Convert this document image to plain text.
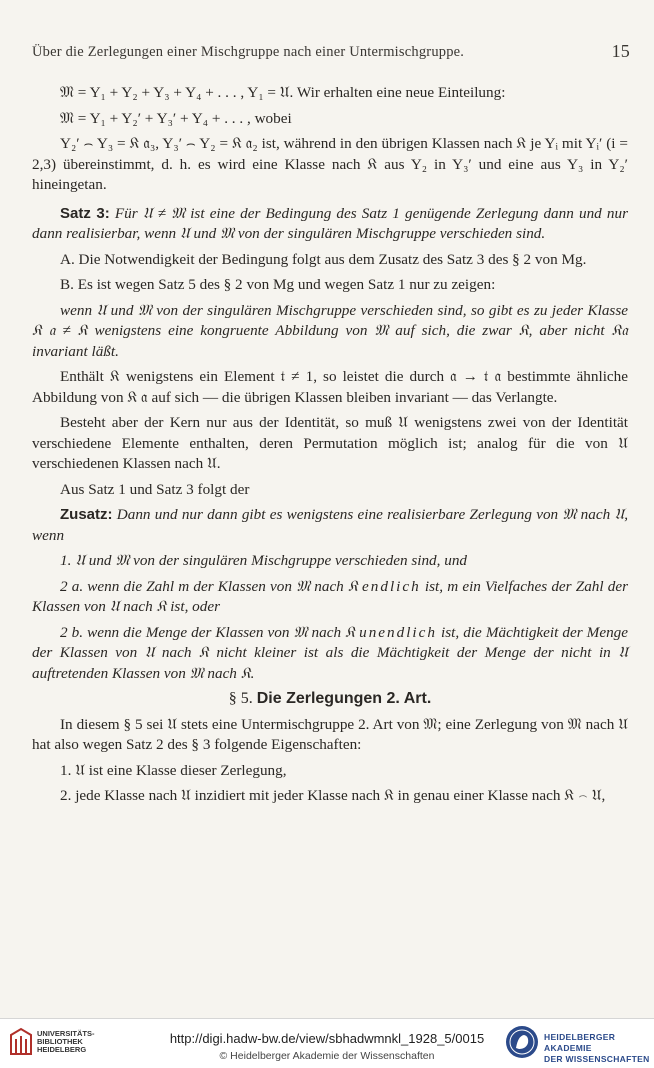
Über die Zerlegungen einer Mischgruppe nach einer Untermischgruppe.	15

𝔐 = Y₁ + Y₂ + Y₃ + Y₄ + . . . , Y₁ = 𝔘. Wir erhalten eine neue Einteilung:

𝔐 = Y₁ + Y₂′ + Y₃′ + Y₄ + . . . , wobei

Y₂′ ⌢ Y₃ = 𝔎 𝔞₃, Y₃′ ⌢ Y₂ = 𝔎 𝔞₂ ist, während in den übrigen Klassen nach 𝔎 je Yᵢ mit Yᵢ′ (i = 2,3) übereinstimmt, d. h. es wird eine Klasse nach 𝔎 aus Y₂ in Y₃′ und eine aus Y₃ in Y₂′ hineingetan.

Satz 3: Für 𝔘 ≠ 𝔐 ist eine der Bedingung des Satz 1 genügende Zerlegung dann und nur dann realisierbar, wenn 𝔘 und 𝔐 von der singulären Mischgruppe verschieden sind.

A. Die Notwendigkeit der Bedingung folgt aus dem Zusatz des Satz 3 des § 2 von Mg.

B. Es ist wegen Satz 5 des § 2 von Mg und wegen Satz 1 nur zu zeigen:

wenn 𝔘 und 𝔐 von der singulären Mischgruppe verschieden sind, so gibt es zu jeder Klasse 𝔎 𝔞 ≠ 𝔎 wenigstens eine kongruente Abbildung von 𝔐 auf sich, die zwar 𝔎, aber nicht 𝔎𝔞 invariant läßt.

Enthält 𝔎 wenigstens ein Element 𝔱 ≠ 1, so leistet die durch 𝔞 → 𝔱 𝔞 bestimmte ähnliche Abbildung von 𝔎 𝔞 auf sich — die übrigen Klassen bleiben invariant — das Verlangte.

Besteht aber der Kern nur aus der Identität, so muß 𝔘 wenigstens zwei von der Identität verschiedene Elemente enthalten, deren Permutation möglich ist; analog für die von 𝔘 verschiedenen Klassen nach 𝔘.

Aus Satz 1 und Satz 3 folgt der

Zusatz: Dann und nur dann gibt es wenigstens eine realisierbare Zerlegung von 𝔐 nach 𝔘, wenn

1. 𝔘 und 𝔐 von der singulären Mischgruppe verschieden sind, und

2 a. wenn die Zahl m der Klassen von 𝔐 nach 𝔎 endlich ist, m ein Vielfaches der Zahl der Klassen von 𝔘 nach 𝔎 ist, oder

2 b. wenn die Menge der Klassen von 𝔐 nach 𝔎 unendlich ist, die Mächtigkeit der Menge der Klassen von 𝔘 nach 𝔎 nicht kleiner ist als die Mächtigkeit der Menge der nicht in 𝔘 auftretenden Klassen von 𝔐 nach 𝔎.

§ 5. Die Zerlegungen 2. Art.

In diesem § 5 sei 𝔘 stets eine Untermischgruppe 2. Art von 𝔐; eine Zerlegung von 𝔐 nach 𝔘 hat also wegen Satz 2 des § 3 folgende Eigenschaften:

1. 𝔘 ist eine Klasse dieser Zerlegung,

2. jede Klasse nach 𝔘 inzidiert mit jeder Klasse nach 𝔎 in genau einer Klasse nach 𝔎 ⌢ 𝔘,

UNIVERSITÄTS-
BIBLIOTHEK
HEIDELBERG
http://digi.hadw-bw.de/view/sbhadwmnkl_1928_5/0015
© Heidelberger Akademie der Wissenschaften
HEIDELBERGER AKADEMIE
DER WISSENSCHAFTEN
